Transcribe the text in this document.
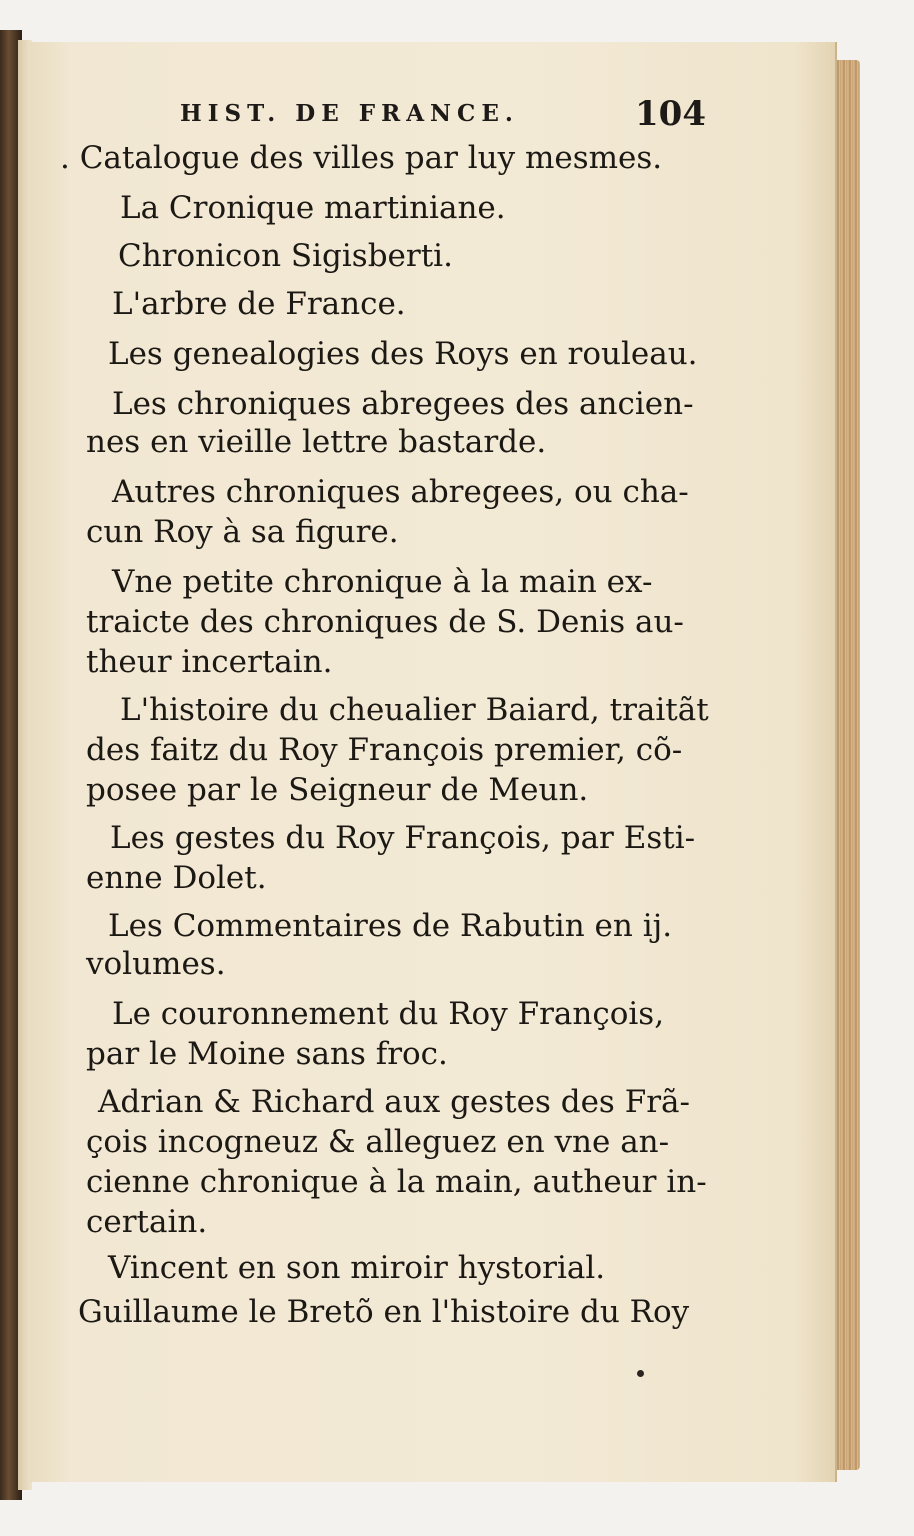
HIST. DE FRANCE.	104
. Catalogue des villes par luy mesmes.
La Cronique martiniane.
Chronicon Sigisberti.
L'arbre de France.
Les genealogies des Roys en rouleau.
Les chroniques abregees des ancien-
nes en vieille lettre bastarde.
Autres chroniques abregees, ou cha-
cun Roy à sa figure.
Vne petite chronique à la main ex-
traicte des chroniques de S. Denis au-
theur incertain.
L'histoire du cheualier Baiard, traitãt
des faitz du Roy François premier, cõ-
posee par le Seigneur de Meun.
Les gestes du Roy François, par Esti-
enne Dolet.
Les Commentaires de Rabutin en ij.
volumes.
Le couronnement du Roy François,
par le Moine sans froc.
Adrian & Richard aux gestes des Frã-
çois incogneuz & alleguez en vne an-
cienne chronique à la main, autheur in-
certain.
Vincent en son miroir hystorial.
Guillaume le Bretõ en l'histoire du Roy
